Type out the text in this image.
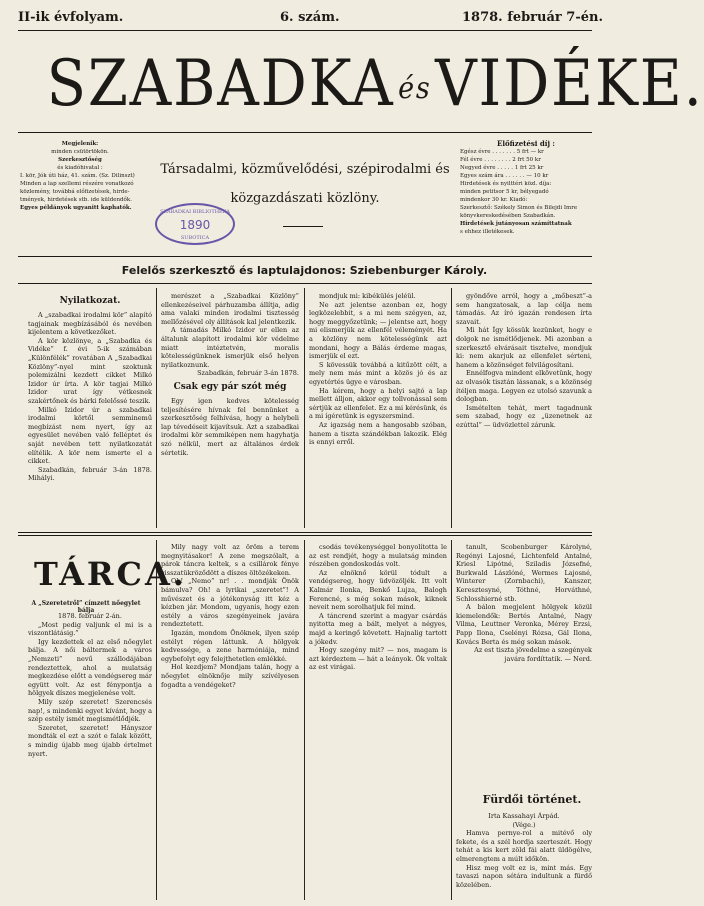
II-ik évfolyam.	6. szám.	1878. február 7-én.
SZABADKA ésVIDÉKE.
Megjelenik:
minden csütörtökön.
Szerkesztőség
és kiadóhivatal :
I. kör, Jók úti ház, 41. szám. (Sz. Dilinszt)
Minden a lap szellemi részére vonatkozó
közlemény, továbbá előfizetések, hirde-
tmények, hirdetések stb. ide küldendők.
Egyes példányok ugyanitt kaphatók.
Társadalmi, közművelődési, szépirodalmi és
közgazdászati közlöny.
SZABADKAI BIBLIOTHÉKA
1890
SUBOTICA
Előfizetési díj :
Egész évre . . . . . . . 5 frt — kr
Fél évre . . . . . . . . 2 frt 50 kr
Negyed évre . . . . . 1 frt 25 kr
Egyes szám ára . . . . . . — 10 kr
Hirdetések és nyilttéri közl. díja:
minden petitsor 5 kr, bélyegadó
mindenkor 30 kr. Kiadó:
Szerkesztő: Székely Simon és Bilejdi Imre
könyvkereskedésében Szabadkán.
Hirdetések jutányosan számíttatnak
s ehhez illetékesek.
Felelős szerkesztő és laptulajdonos: Sziebenburger Károly.

Nyilatkozat.

A „szabadkai irodalmi kör” alapító tagjainak megbízásából és nevében kijelentem a következőket.

A kör közlönye, a „Szabadka és Vidéke” f. évi 5-ik számában „Különfélék” rovatában A „Szabadkai Közlöny”-nyel mint szoktunk polemizálni kezdett cikket Milkó Izidor úr írta. A kör tagjai Milkó Izidor urat így vétkesnek szakértőnek és bárki felelőssé teszik.

Milkó Izidor úr a szabadkai irodalmi körtől semminemű megbízást nem nyert, így az egyesület nevében való felléptet és saját nevében tett nyilatkozatát elítélik. A kör nem ismerte el a cikket.

Szabadkán, február 3-án 1878. Mihályi.

merészet a „Szabadkai Közlöny” ellenkezéseivel párhuzamba állítja, adig ama valaki minden irodalmi tisztesség mellőzésével oly állítások kal jelentkezik.

A támadás Milkó Izidor ur ellen az általunk alapított irodalmi kör védelme miatt intéztetvén, moralis kötelességünknek ismerjük első helyen nyilatkoznunk.

Szabadkán, február 3-án 1878.

Csak egy pár szót még

Egy igen kedves kötelesség teljesítésére hívnak fel bennünket a szerkesztőség felhívása, hogy a helybeli lap tévedéseit kijavítsuk. Azt a szabadkai irodalmi kör semmiképen nem hagyhatja szó nélkül, mert az általános érdek sértetik.

mondjuk mi: kibékülés jeléül.

Ne azt jelentse azonban ez, hogy legközelebbit, s a mi nem szégyen, az, hogy meggyőzetünk; — jelentse azt, hogy mi elismerjük az ellenfél véleményét. Ha a közlöny nem kötelességünk azt mondani, hogy a Bálás érdeme magas, ismerjük el ezt.

S kövessük továbbá a kitűzött célt, a mely nem más mint a közös jó és az egyetértés ügye e városban.

Ha kérem, hogy a helyi sajtó a lap mellett álljon, akkor egy tollvonással sem sértjük az ellenfelet. Ez a mi kérésünk, és a mi ígéretünk is egyszersmind.

Az igazság nem a hangosabb szóban, hanem a tiszta szándékban lakozik. Elég is ennyi erről.

gyöndőve arról, hogy a „mőbeszt”-a sem hangzatosak, a lap célja nem támadás. Az író igazán rendesen írta szavait.

Mi hát Így kössük kezünket, hogy e dolgok ne ismétlődjenek. Mi azonban a szerkesztő elvárásait tisztelve, mondjuk ki: nem akarjuk az ellenfelet sérteni, hanem a közönséget felvilágosítani.

Ennélfogva mindent elkövetünk, hogy az olvasók tisztán lássanak, s a közönség ítéljen maga. Legyen ez utolsó szavunk a dologban.

Ismételten tehát, mert tagadnunk sem szabad, hogy ez „üzenetnek az ezúttal” — üdvözlettel zárunk.

TÁRCA.
A „Szeretetről” címzett nőegylet bálja

1878. február 2-án.

„Most pedig valjunk el mi is a viszontlátásig.”

Igy kezdettek el az első nőegylet bálja. A női báltermek a város „Nemzeti” nevű szállodájában rendeztettek, ahol a mulatság megkezdése előtt a vendégsereg már együtt volt. Az est fénypontja a hölgyek díszes megjelenése volt.

Mily szép szeretet! Szerencsés nap!, s mindenki egyet kívánt, hogy a szép estély ismét megismétlődjék.

Szeretet, szeretet! Hányszor mondták el ezt a szót e falak között, s mindig újabb meg újabb értelmet nyert.

Mily nagy volt az öröm a terem megnyitásakor! A zene megszólalt, a párok táncra keltek, s a csillárok fénye visszatükröződött a díszes öltözékeken.

Oh! „Nemo” nr! . . mondják Önök bámulva? Oh! a lyrikai „szeretet”! A művészet és a jótékonyság itt kéz a kézben jár. Mondom, ugyanis, hogy ezen estély a város szegényeinek javára rendeztetett.

Igazán, mondom Önöknek, ilyen szép estélyt régen láttunk. A hölgyek kedvessége, a zene harmóniája, mind egybefolyt egy felejthetetlen emlékké.

Hol kezdjem? Mondjam talán, hogy a nőegylet elnöknője mily szívélyesen fogadta a vendégeket?

csodás tevékenységgel bonyolította le az est rendjét, hogy a mulatság minden részében gondoskodás volt.

Az elnöknő körül tódult a vendégsereg, hogy üdvözöljék. Itt volt Kalmár Ilonka, Benkő Lujza, Balogh Ferencné, s még sokan mások, kiknek neveit nem sorolhatjuk fel mind.

A táncrend szerint a magyar csárdás nyitotta meg a bált, melyet a négyes, majd a keringő követett. Hajnalig tartott a jókedv.

Hogy szegény mit? — nos, magam is azt kérdeztem — hát a leányok. Ők voltak az est virágai.

tanult, Scobenburger Károlyné, Regényi Lajosné, Lichtenfeld Antalné, Kriesl Lipótné, Sziladis Józsefné, Burkwald Lászlóné, Wermes Lajosné, Winterer (Zornbachi), Kanszer, Keresztesyné, Tóthné, Horváthné, Schlosshierné stb.

A bálon megjelent hölgyek közül kiemelendők: Bertés Antalné, Nagy Vilma, Leuttner Veronka, Mérey Erzsi, Papp Ilona, Cselényi Rózsa, Gál Ilona, Kovács Berta és még sokan mások.

Az est tiszta jövedelme a szegények javára fordíttatik. — Nerd.

Fürdői történet.

Irta Kassahayi Árpád.

(Vége.)

Hamva pernye-rol a mitévő oly fekete, és a szél hordja szerteszét. Hogy tehát a kis kert zöld fái alatt üldögélve, elmerengtem a múlt időkön.

Hisz meg volt ez is, mint más. Egy tavaszi napon sétára indultunk a fürdő közelében.
